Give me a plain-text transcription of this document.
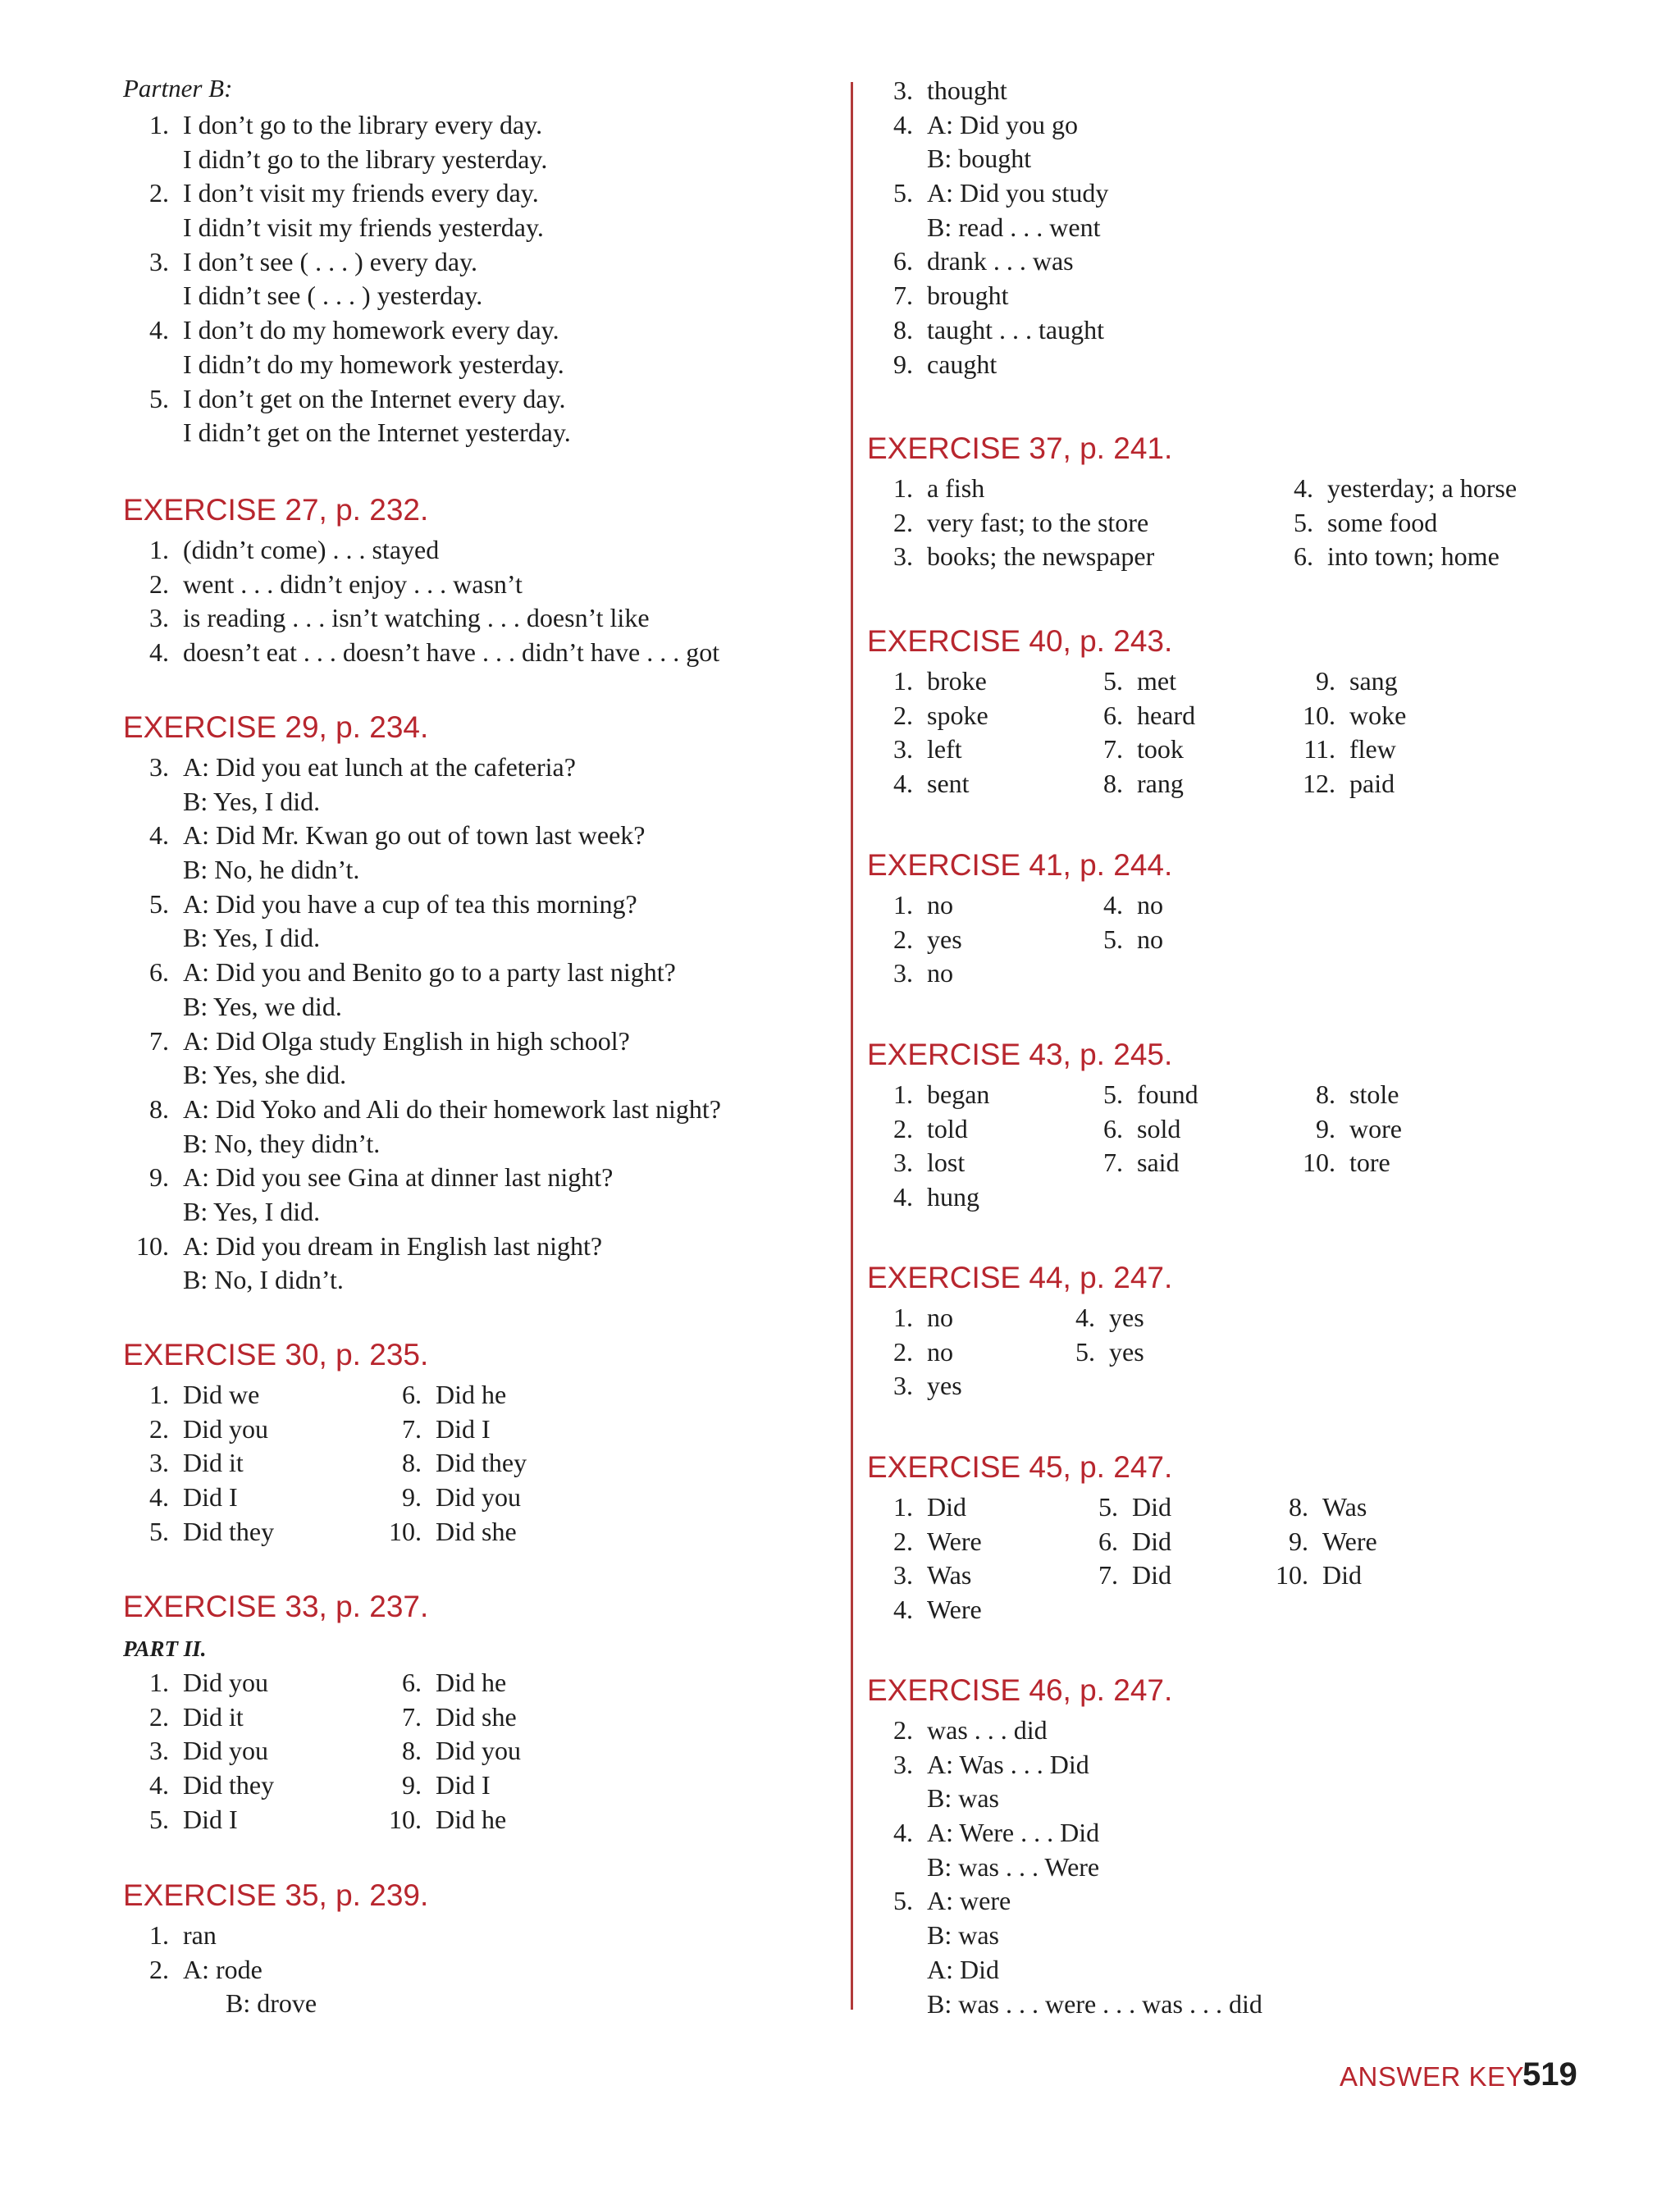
Partner B:
1. I don’t go to the library every day.
I didn’t go to the library yesterday.
2. I don’t visit my friends every day.
I didn’t visit my friends yesterday.
3. I don’t see ( . . . ) every day.
I didn’t see ( . . . ) yesterday.
4. I don’t do my homework every day.
I didn’t do my homework yesterday.
5. I don’t get on the Internet every day.
I didn’t get on the Internet yesterday.
EXERCISE 27, p. 232.
1. (didn’t come) . . . stayed
2. went . . . didn’t enjoy . . . wasn’t
3. is reading . . . isn’t watching . . . doesn’t like
4. doesn’t eat . . . doesn’t have . . . didn’t have . . . got
EXERCISE 29, p. 234.
3. A: Did you eat lunch at the cafeteria?
B: Yes, I did.
4. A: Did Mr. Kwan go out of town last week?
B: No, he didn’t.
5. A: Did you have a cup of tea this morning?
B: Yes, I did.
6. A: Did you and Benito go to a party last night?
B: Yes, we did.
7. A: Did Olga study English in high school?
B: Yes, she did.
8. A: Did Yoko and Ali do their homework last night?
B: No, they didn’t.
9. A: Did you see Gina at dinner last night?
B: Yes, I did.
10. A: Did you dream in English last night?
B: No, I didn’t.
EXERCISE 30, p. 235.
1. Did we
2. Did you
3. Did it
4. Did I
5. Did they
6. Did he
7. Did I
8. Did they
9. Did you
10. Did she
EXERCISE 33, p. 237.
PART II.
1. Did you
2. Did it
3. Did you
4. Did they
5. Did I
6. Did he
7. Did she
8. Did you
9. Did I
10. Did he
EXERCISE 35, p. 239.
1. ran
2. A: rode
B: drove
3. thought
4. A: Did you go
B: bought
5. A: Did you study
B: read . . . went
6. drank . . . was
7. brought
8. taught . . . taught
9. caught
EXERCISE 37, p. 241.
1. a fish
2. very fast; to the store
3. books; the newspaper
4. yesterday; a horse
5. some food
6. into town; home
EXERCISE 40, p. 243.
1. broke
2. spoke
3. left
4. sent
5. met
6. heard
7. took
8. rang
9. sang
10. woke
11. flew
12. paid
EXERCISE 41, p. 244.
1. no
2. yes
3. no
4. no
5. no
EXERCISE 43, p. 245.
1. began
2. told
3. lost
4. hung
5. found
6. sold
7. said
8. stole
9. wore
10. tore
EXERCISE 44, p. 247.
1. no
2. no
3. yes
4. yes
5. yes
EXERCISE 45, p. 247.
1. Did
2. Were
3. Was
4. Were
5. Did
6. Did
7. Did
8. Was
9. Were
10. Did
EXERCISE 46, p. 247.
2. was . . . did
3. A: Was . . . Did
B: was
4. A: Were . . . Did
B: was . . . Were
5. A: were
B: was
A: Did
B: was . . . were . . . was . . . did
ANSWER KEY
519
